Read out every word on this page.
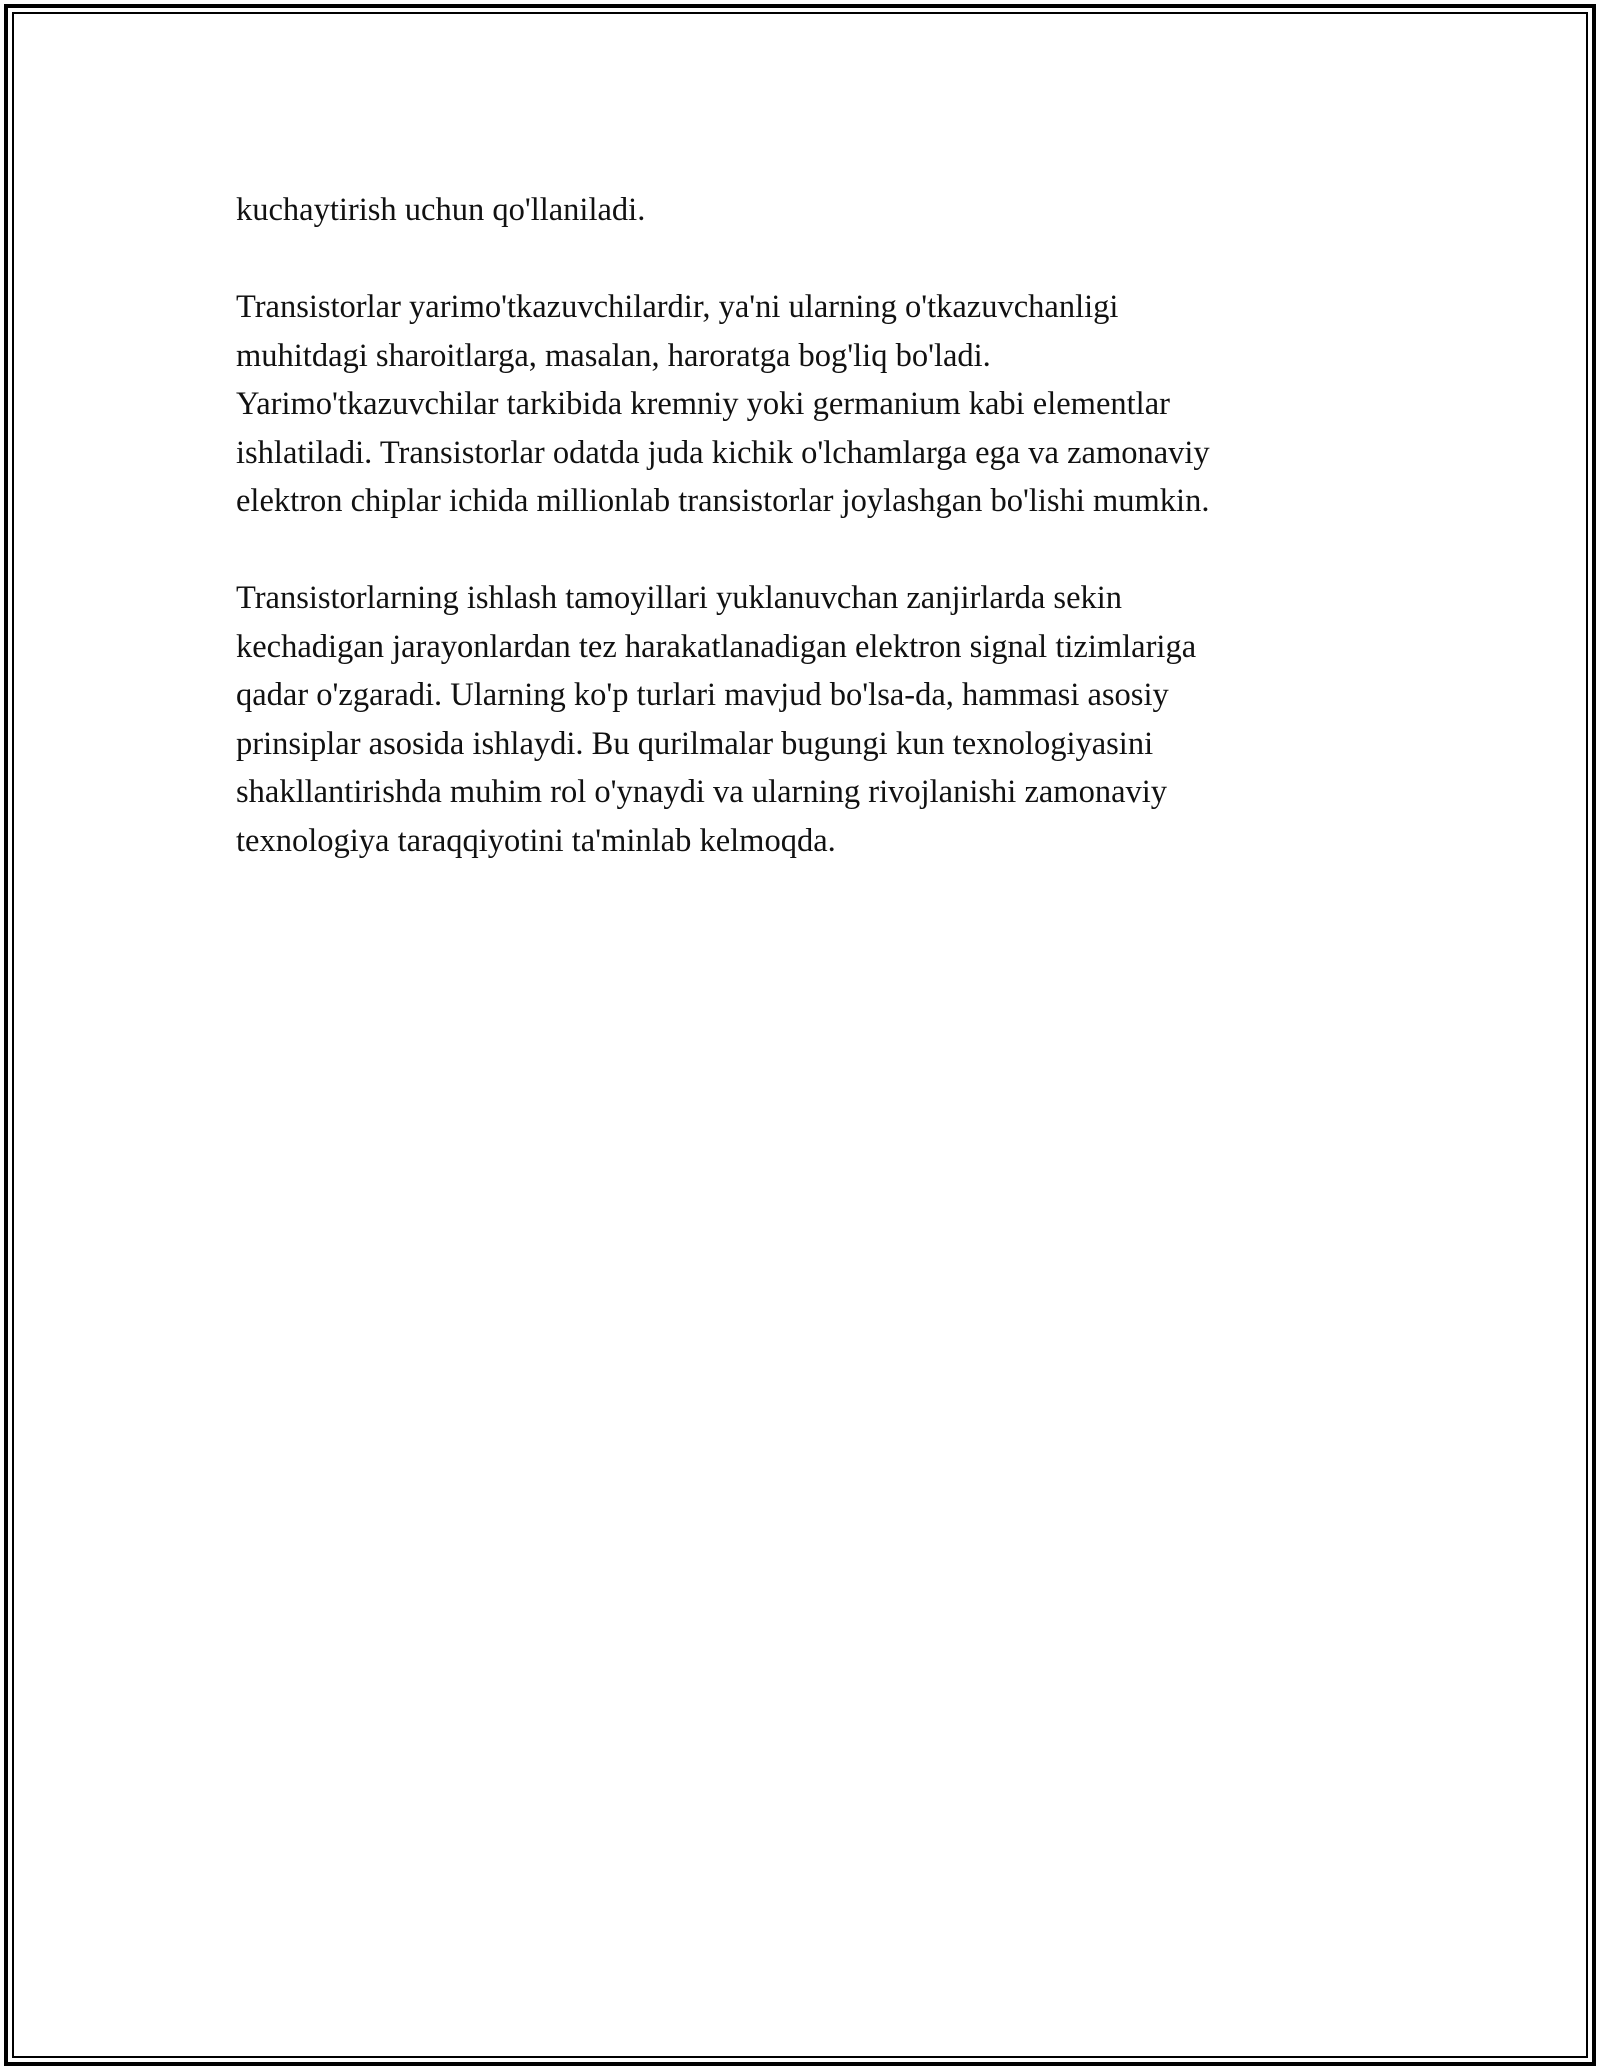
kuchaytirish uchun qo'llaniladi.

Transistorlar yarimo'tkazuvchilardir, ya'ni ularning o'tkazuvchanligi
muhitdagi sharoitlarga, masalan, haroratga bog'liq bo'ladi.
Yarimo'tkazuvchilar tarkibida kremniy yoki germanium kabi elementlar
ishlatiladi. Transistorlar odatda juda kichik o'lchamlarga ega va zamonaviy
elektron chiplar ichida millionlab transistorlar joylashgan bo'lishi mumkin.

Transistorlarning ishlash tamoyillari yuklanuvchan zanjirlarda sekin
kechadigan jarayonlardan tez harakatlanadigan elektron signal tizimlariga
qadar o'zgaradi. Ularning ko'p turlari mavjud bo'lsa-da, hammasi asosiy
prinsiplar asosida ishlaydi. Bu qurilmalar bugungi kun texnologiyasini
shakllantirishda muhim rol o'ynaydi va ularning rivojlanishi zamonaviy
texnologiya taraqqiyotini ta'minlab kelmoqda.
